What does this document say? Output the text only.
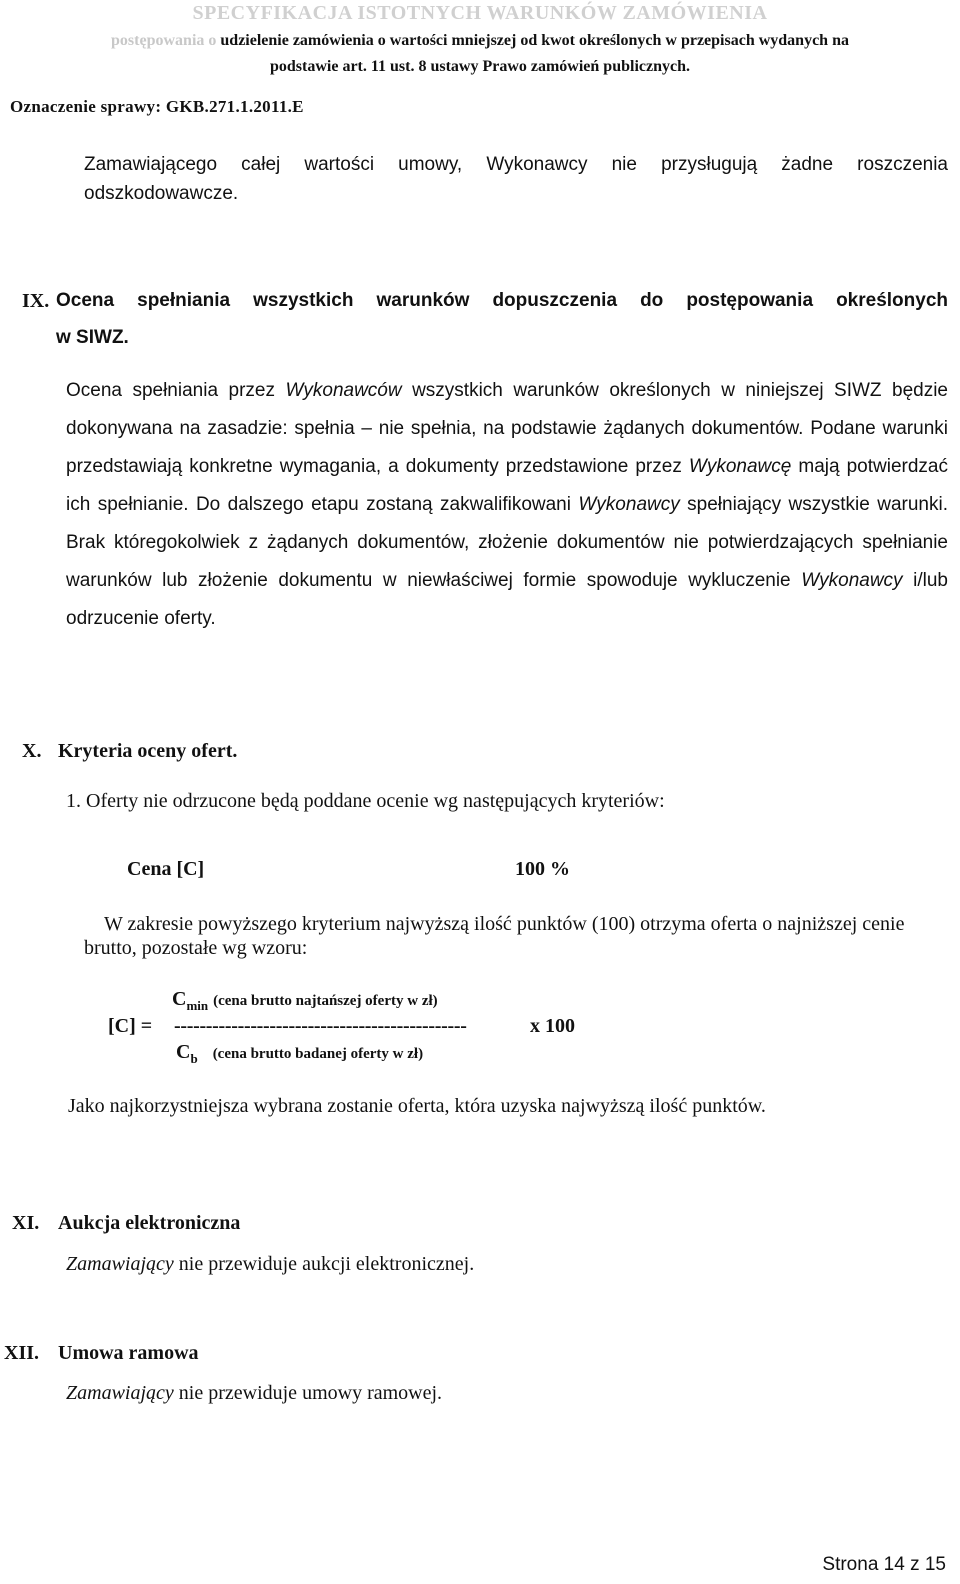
SPECYFIKACJA ISTOTNYCH WARUNKÓW ZAMÓWIENIA
postępowania o udzielenie zamówienia o wartości mniejszej od kwot określonych w przepisach wydanych na
podstawie art. 11 ust. 8 ustawy Prawo zamówień publicznych.
Oznaczenie sprawy: GKB.271.1.2011.E
Zamawiającego całej wartości umowy, Wykonawcy nie przysługują żadne roszczenia
odszkodowawcze.
IX. Ocena spełniania wszystkich warunków dopuszczenia do postępowania określonych
w SIWZ.
Ocena spełniania przez Wykonawców wszystkich warunków określonych w niniejszej SIWZ będzie dokonywana na zasadzie: spełnia – nie spełnia, na podstawie żądanych dokumentów. Podane warunki przedstawiają konkretne wymagania, a dokumenty przedstawione przez Wykonawcę mają potwierdzać ich spełnianie. Do dalszego etapu zostaną zakwalifikowani Wykonawcy spełniający wszystkie warunki. Brak któregokolwiek z żądanych dokumentów, złożenie dokumentów nie potwierdzających spełnianie warunków lub złożenie dokumentu w niewłaściwej formie spowoduje wykluczenie Wykonawcy i/lub odrzucenie oferty.
X. Kryteria oceny ofert.
1. Oferty nie odrzucone będą poddane ocenie wg następujących kryteriów:
Cena [C]	100 %
W zakresie powyższego kryterium najwyższą ilość punktów (100) otrzyma oferta o najniższej cenie brutto, pozostałe wg wzoru:
$C_{min}$ (cena brutto najtańszej oferty w zł)
[C] = ----------------------------------------------	x 100
$C_b$ (cena brutto badanej oferty w zł)
Jako najkorzystniejsza wybrana zostanie oferta, która uzyska najwyższą ilość punktów.
XI. Aukcja elektroniczna
Zamawiający nie przewiduje aukcji elektronicznej.
XII. Umowa ramowa
Zamawiający nie przewiduje umowy ramowej.
Strona 14 z 15
